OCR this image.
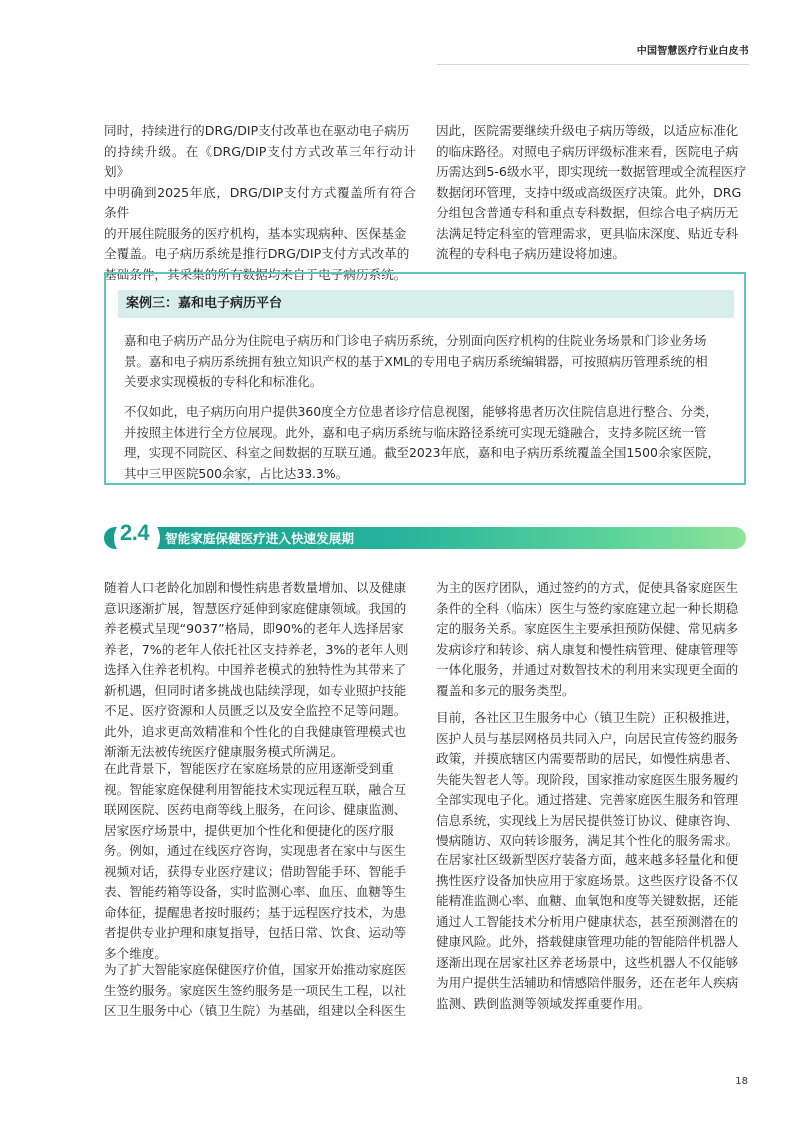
中国智慧医疗行业白皮书

同时，持续进行的DRG/DIP支付改革也在驱动电子病历
的持续升级。在《DRG/DIP支付方式改革三年行动计划》
中明确到2025年底，DRG/DIP支付方式覆盖所有符合条件
的开展住院服务的医疗机构，基本实现病种、医保基金
全覆盖。电子病历系统是推行DRG/DIP支付方式改革的
基础条件，其采集的所有数据均来自于电子病历系统。

因此，医院需要继续升级电子病历等级，以适应标准化
的临床路径。对照电子病历评级标准来看，医院电子病
历需达到5-6级水平，即实现统一数据管理或全流程医疗
数据闭环管理，支持中级或高级医疗决策。此外，DRG
分组包含普通专科和重点专科数据，但综合电子病历无
法满足特定科室的管理需求，更具临床深度、贴近专科
流程的专科电子病历建设将加速。

案例三：嘉和电子病历平台

嘉和电子病历产品分为住院电子病历和门诊电子病历系统，分别面向医疗机构的住院业务场景和门诊业务场
景。嘉和电子病历系统拥有独立知识产权的基于XML的专用电子病历系统编辑器，可按照病历管理系统的相
关要求实现模板的专科化和标准化。

不仅如此，电子病历向用户提供360度全方位患者诊疗信息视图，能够将患者历次住院信息进行整合、分类，
并按照主体进行全方位展现。此外，嘉和电子病历系统与临床路径系统可实现无缝融合，支持多院区统一管
理，实现不同院区、科室之间数据的互联互通。截至2023年底，嘉和电子病历系统覆盖全国1500余家医院，
其中三甲医院500余家，占比达33.3%。

2.4 智能家庭保健医疗进入快速发展期

随着人口老龄化加剧和慢性病患者数量增加、以及健康
意识逐渐扩展，智慧医疗延伸到家庭健康领域。我国的
养老模式呈现“9037”格局，即90%的老年人选择居家
养老，7%的老年人依托社区支持养老，3%的老年人则
选择入住养老机构。中国养老模式的独特性为其带来了
新机遇，但同时诸多挑战也陆续浮现，如专业照护技能
不足、医疗资源和人员匮乏以及安全监控不足等问题。
此外，追求更高效精准和个性化的自我健康管理模式也
渐渐无法被传统医疗健康服务模式所满足。

在此背景下，智能医疗在家庭场景的应用逐渐受到重
视。智能家庭保健利用智能技术实现远程互联，融合互
联网医院、医药电商等线上服务，在问诊、健康监测、
居家医疗场景中，提供更加个性化和便捷化的医疗服
务。例如，通过在线医疗咨询，实现患者在家中与医生
视频对话，获得专业医疗建议；借助智能手环、智能手
表、智能药箱等设备，实时监测心率、血压、血糖等生
命体征，提醒患者按时服药；基于远程医疗技术，为患
者提供专业护理和康复指导，包括日常、饮食、运动等
多个维度。

为了扩大智能家庭保健医疗价值，国家开始推动家庭医
生签约服务。家庭医生签约服务是一项民生工程，以社
区卫生服务中心（镇卫生院）为基础，组建以全科医生

为主的医疗团队，通过签约的方式，促使具备家庭医生
条件的全科（临床）医生与签约家庭建立起一种长期稳
定的服务关系。家庭医生主要承担预防保健、常见病多
发病诊疗和转诊、病人康复和慢性病管理、健康管理等
一体化服务，并通过对数智技术的利用来实现更全面的
覆盖和多元的服务类型。

目前，各社区卫生服务中心（镇卫生院）正积极推进，
医护人员与基层网格员共同入户，向居民宣传签约服务
政策，并摸底辖区内需要帮助的居民，如慢性病患者、
失能失智老人等。现阶段，国家推动家庭医生服务履约
全部实现电子化。通过搭建、完善家庭医生服务和管理
信息系统，实现线上为居民提供签订协议、健康咨询、
慢病随访、双向转诊服务，满足其个性化的服务需求。

在居家社区级新型医疗装备方面，越来越多轻量化和便
携性医疗设备加快应用于家庭场景。这些医疗设备不仅
能精准监测心率、血糖、血氧饱和度等关键数据，还能
通过人工智能技术分析用户健康状态，甚至预测潜在的
健康风险。此外，搭载健康管理功能的智能陪伴机器人
逐渐出现在居家社区养老场景中，这些机器人不仅能够
为用户提供生活辅助和情感陪伴服务，还在老年人疾病
监测、跌倒监测等领域发挥重要作用。

18
